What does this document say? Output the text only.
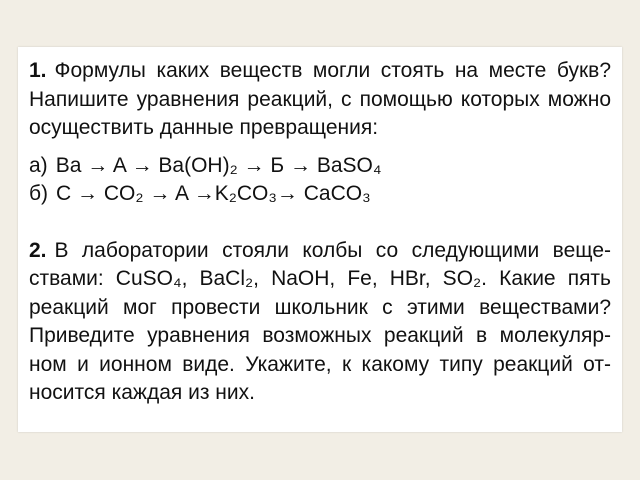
1. Формулы каких веществ могли стоять на месте букв? Напишите уравнения реакций, с помощью которых можно осуществить данные превращения:

а) Ba → A → Ba(OH)₂ → Б → BaSO₄

б) C → CO₂ → A →K₂CO₃→ CaCO₃

2. В лаборатории стояли колбы со следующими веще- ствами: CuSO₄, BaCl₂, NaOH, Fe, HBr, SO₂. Какие пять реакций мог провести школьник с этими веществами? Приведите уравнения возможных реакций в молекуляр- ном и ионном виде. Укажите, к какому типу реакций от- носится каждая из них.
